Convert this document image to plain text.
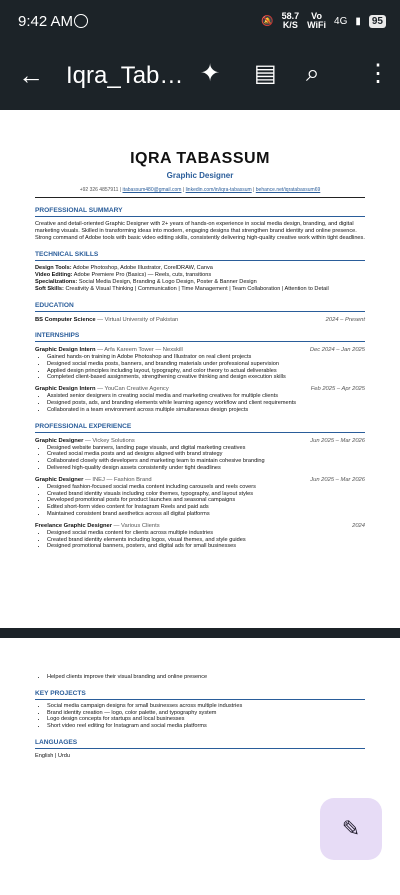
9:42 AM	🔕 58.7
K/S
Vo
WiFi 4G ▮	95
← Iqra_Tab… ✦ ▤ ⌕ ⋮
IQRA TABASSUM
Graphic Designer
+92 326 4857911 | itabassum480@gmail.com | linkedin.com/in/iqra-tabassum | behance.net/iqratabassum69
PROFESSIONAL SUMMARY
Creative and detail-oriented Graphic Designer with 2+ years of hands-on experience in social media design, branding, and digital marketing visuals. Skilled in transforming ideas into modern, engaging designs that strengthen brand identity and online presence. Strong command of Adobe tools with basic video editing skills, consistently delivering high-quality creative work within tight deadlines.
TECHNICAL SKILLS
Design Tools: Adobe Photoshop, Adobe Illustrator, CorelDRAW, Canva
Video Editing: Adobe Premiere Pro (Basics) — Reels, cuts, transitions
Specializations: Social Media Design, Branding & Logo Design, Poster & Banner Design
Soft Skills: Creativity & Visual Thinking | Communication | Time Management | Team Collaboration | Attention to Detail
EDUCATION
BS Computer Science — Virtual University of Pakistan	2024 – Present
INTERNSHIPS
Graphic Design Intern — Arfa Kareem Tower — Nexskill	Dec 2024 – Jan 2025
• Gained hands-on training in Adobe Photoshop and Illustrator on real client projects
• Designed social media posts, banners, and branding materials under professional supervision
• Applied design principles including layout, typography, and color theory to actual deliverables
• Completed client-based assignments, strengthening creative thinking and design execution skills
Graphic Design Intern — YouCan Creative Agency	Feb 2025 – Apr 2025
• Assisted senior designers in creating social media and marketing creatives for multiple clients
• Designed posts, ads, and branding elements while learning agency workflow and client requirements
• Collaborated in a team environment across multiple simultaneous design projects
PROFESSIONAL EXPERIENCE
Graphic Designer — Vickey Solutions	Jun 2025 – Mar 2026
• Designed website banners, landing page visuals, and digital marketing creatives
• Created social media posts and ad designs aligned with brand strategy
• Collaborated closely with developers and marketing team to maintain cohesive branding
• Delivered high-quality design assets consistently under tight deadlines
Graphic Designer — INEJ — Fashion Brand	Jun 2025 – Mar 2026
• Designed fashion-focused social media content including carousels and reels covers
• Created brand identity visuals including color themes, typography, and layout styles
• Developed promotional posts for product launches and seasonal campaigns
• Edited short-form video content for Instagram Reels and paid ads
• Maintained consistent brand aesthetics across all digital platforms
Freelance Graphic Designer — Various Clients	2024
• Designed social media content for clients across multiple industries
• Created brand identity elements including logos, visual themes, and style guides
• Designed promotional banners, posters, and digital ads for small businesses
• Helped clients improve their visual branding and online presence
KEY PROJECTS
• Social media campaign designs for small businesses across multiple industries
• Brand identity creation — logo, color palette, and typography system
• Logo design concepts for startups and local businesses
• Short video reel editing for Instagram and social media platforms
LANGUAGES
English | Urdu
✎
